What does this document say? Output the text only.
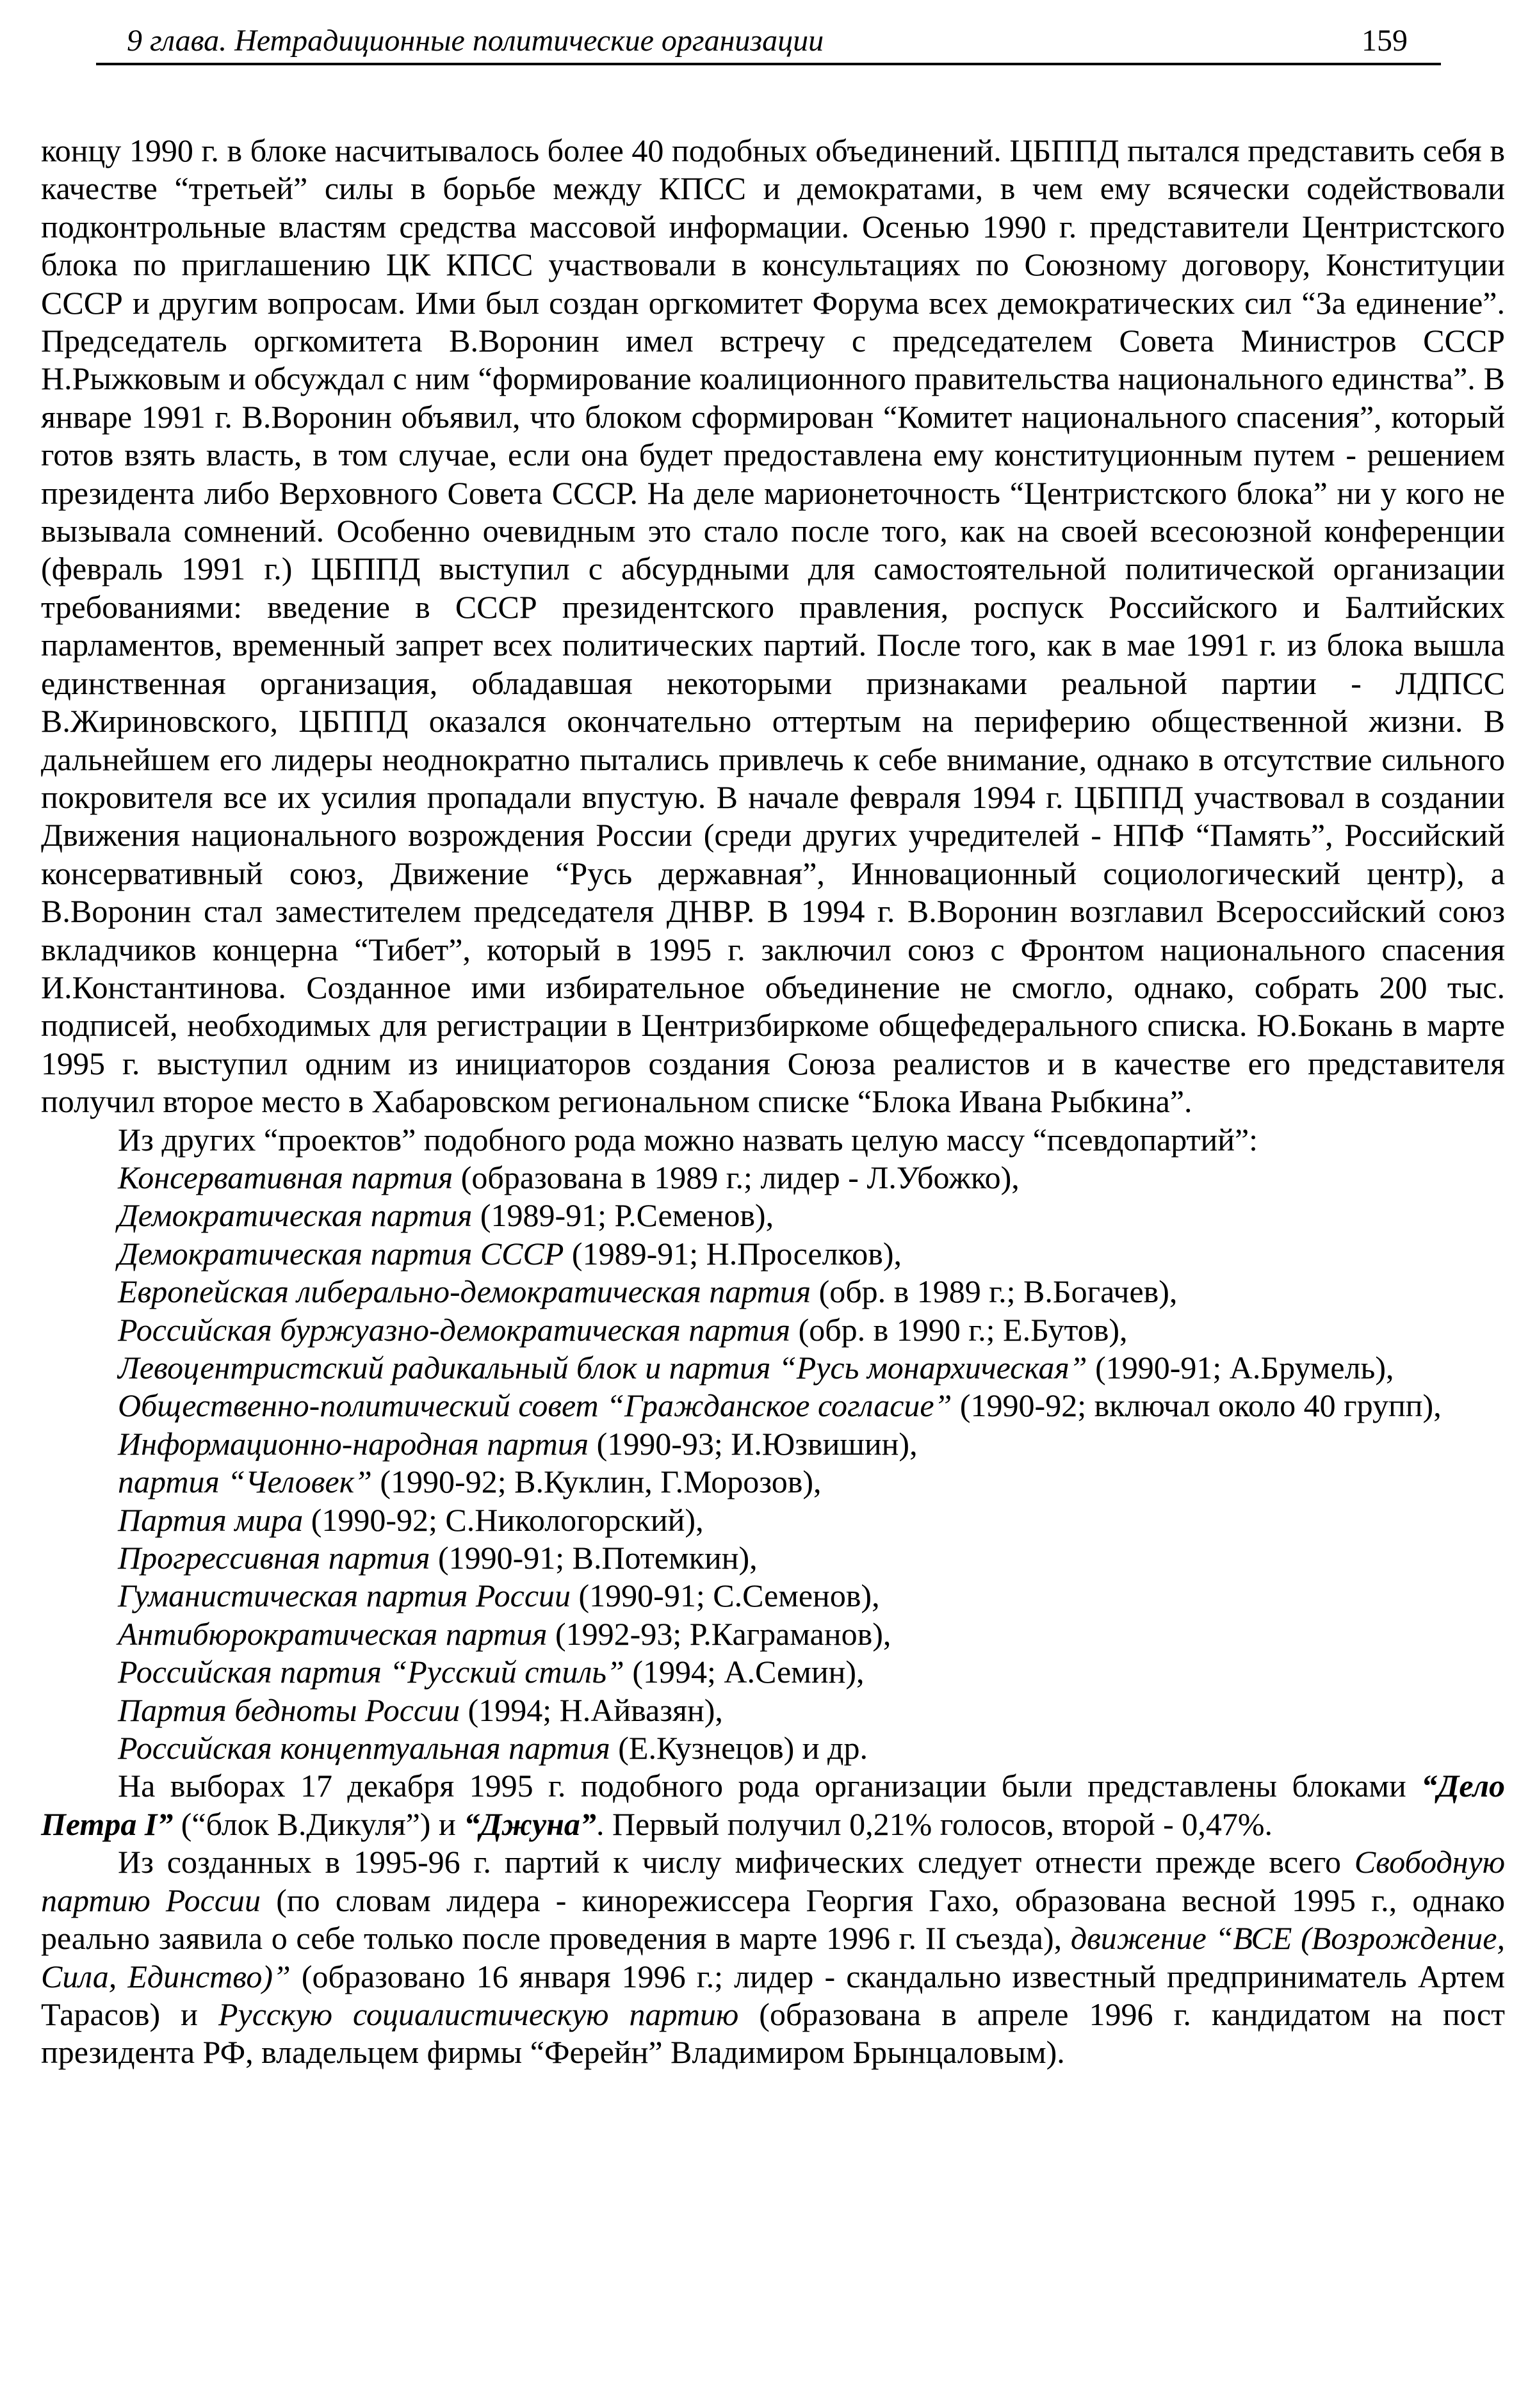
9 глава. Нетрадиционные политические организации	159

концу 1990 г. в блоке насчитывалось более 40 подобных объединений. ЦБППД пытался представить себя в качестве “третьей” силы в борьбе между КПСС и демократами, в чем ему всячески содействовали подконтрольные властям средства массовой информации. Осенью 1990 г. представители Центристского блока по приглашению ЦК КПСС участвовали в консультациях по Союзному договору, Конституции СССР и другим вопросам. Ими был создан оргкомитет Форума всех демократических сил “За единение”. Председатель оргкомитета В.Воронин имел встречу с председателем Совета Министров СССР Н.Рыжковым и обсуждал с ним “формирование коалиционного правительства национального единства”. В январе 1991 г. В.Воронин объявил, что блоком сформирован “Комитет национального спасения”, который готов взять власть, в том случае, если она будет предоставлена ему конституционным путем - решением президента либо Верховного Совета СССР. На деле марионеточность “Центристского блока” ни у кого не вызывала сомнений. Особенно очевидным это стало после того, как на своей всесоюзной конференции (февраль 1991 г.) ЦБППД выступил с абсурдными для самостоятельной политической организации требованиями: введение в СССР президентского правления, роспуск Российского и Балтийских парламентов, временный запрет всех политических партий. После того, как в мае 1991 г. из блока вышла единственная организация, обладавшая некоторыми признаками реальной партии - ЛДПСС В.Жириновского, ЦБППД оказался окончательно оттертым на периферию общественной жизни. В дальнейшем его лидеры неоднократно пытались привлечь к себе внимание, однако в отсутствие сильного покровителя все их усилия пропадали впустую. В начале февраля 1994 г. ЦБППД участвовал в создании Движения национального возрождения России (среди других учредителей - НПФ “Память”, Российский консервативный союз, Движение “Русь державная”, Инновационный социологический центр), а В.Воронин стал заместителем председателя ДНВР. В 1994 г. В.Воронин возглавил Всероссийский союз вкладчиков концерна “Тибет”, который в 1995 г. заключил союз с Фронтом национального спасения И.Константинова. Созданное ими избирательное объединение не смогло, однако, собрать 200 тыс. подписей, необходимых для регистрации в Центризбиркоме общефедерального списка. Ю.Бокань в марте 1995 г. выступил одним из инициаторов создания Союза реалистов и в качестве его представителя получил второе место в Хабаровском региональном списке “Блока Ивана Рыбкина”.

Из других “проектов” подобного рода можно назвать целую массу “псевдопартий”:

Консервативная партия (образована в 1989 г.; лидер - Л.Убожко),

Демократическая партия (1989-91; Р.Семенов),

Демократическая партия СССР (1989-91; Н.Проселков),

Европейская либерально-демократическая партия (обр. в 1989 г.; В.Богачев),

Российская буржуазно-демократическая партия (обр. в 1990 г.; Е.Бутов),

Левоцентристский радикальный блок и партия “Русь монархическая” (1990-91; А.Брумель),

Общественно-политический совет “Гражданское согласие” (1990-92; включал около 40 групп),

Информационно-народная партия (1990-93; И.Юзвишин),

партия “Человек” (1990-92; В.Куклин, Г.Морозов),

Партия мира (1990-92; С.Никологорский),

Прогрессивная партия (1990-91; В.Потемкин),

Гуманистическая партия России (1990-91; С.Семенов),

Антибюрократическая партия (1992-93; Р.Каграманов),

Российская партия “Русский стиль” (1994; А.Семин),

Партия бедноты России (1994; Н.Айвазян),

Российская концептуальная партия (Е.Кузнецов) и др.

На выборах 17 декабря 1995 г. подобного рода организации были представлены блоками “Дело Петра I” (“блок В.Дикуля”) и “Джуна”. Первый получил 0,21% голосов, второй - 0,47%.

Из созданных в 1995-96 г. партий к числу мифических следует отнести прежде всего Свободную партию России (по словам лидера - кинорежиссера Георгия Гахо, образована весной 1995 г., однако реально заявила о себе только после проведения в марте 1996 г. II съезда), движение “ВСЕ (Возрождение, Сила, Единство)” (образовано 16 января 1996 г.; лидер - скандально известный предприниматель Артем Тарасов) и Русскую социалистическую партию (образована в апреле 1996 г. кандидатом на пост президента РФ, владельцем фирмы “Ферейн” Владимиром Брынцаловым).
